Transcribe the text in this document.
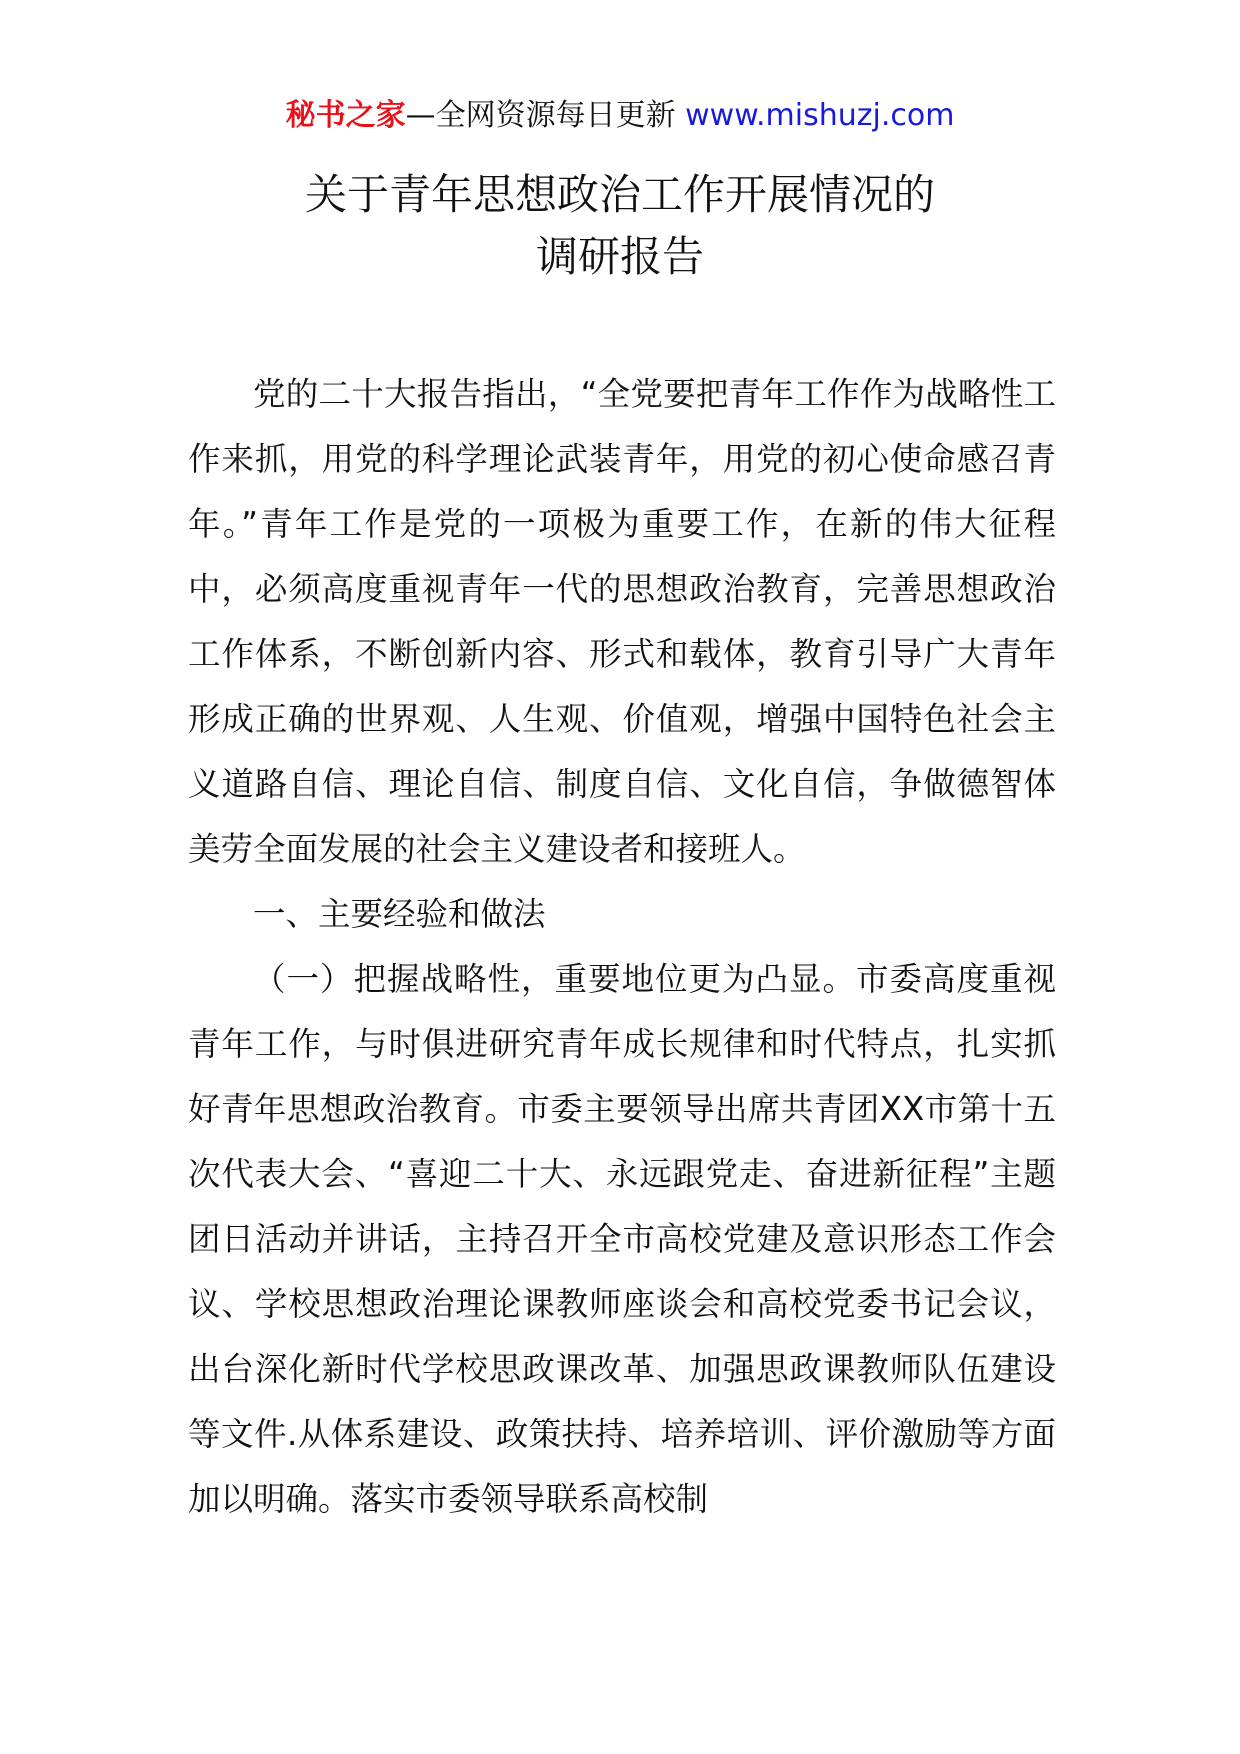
秘书之家—全网资源每日更新 www.mishuzj.com
关于青年思想政治工作开展情况的
调研报告

党的二十大报告指出，“全党要把青年工作作为战略性工作来抓，用党的科学理论武装青年，用党的初心使命感召青年。”青年工作是党的一项极为重要工作，在新的伟大征程中，必须高度重视青年一代的思想政治教育，完善思想政治工作体系，不断创新内容、形式和载体，教育引导广大青年形成正确的世界观、人生观、价值观，增强中国特色社会主义道路自信、理论自信、制度自信、文化自信，争做德智体美劳全面发展的社会主义建设者和接班人。

一、主要经验和做法

（一）把握战略性，重要地位更为凸显。市委高度重视青年工作，与时俱进研究青年成长规律和时代特点，扎实抓好青年思想政治教育。市委主要领导出席共青团XX市第十五次代表大会、“喜迎二十大、永远跟党走、奋进新征程”主题团日活动并讲话，主持召开全市高校党建及意识形态工作会议、学校思想政治理论课教师座谈会和高校党委书记会议，出台深化新时代学校思政课改革、加强思政课教师队伍建设等文件.从体系建设、政策扶持、培养培训、评价激励等方面加以明确。落实市委领导联系高校制
